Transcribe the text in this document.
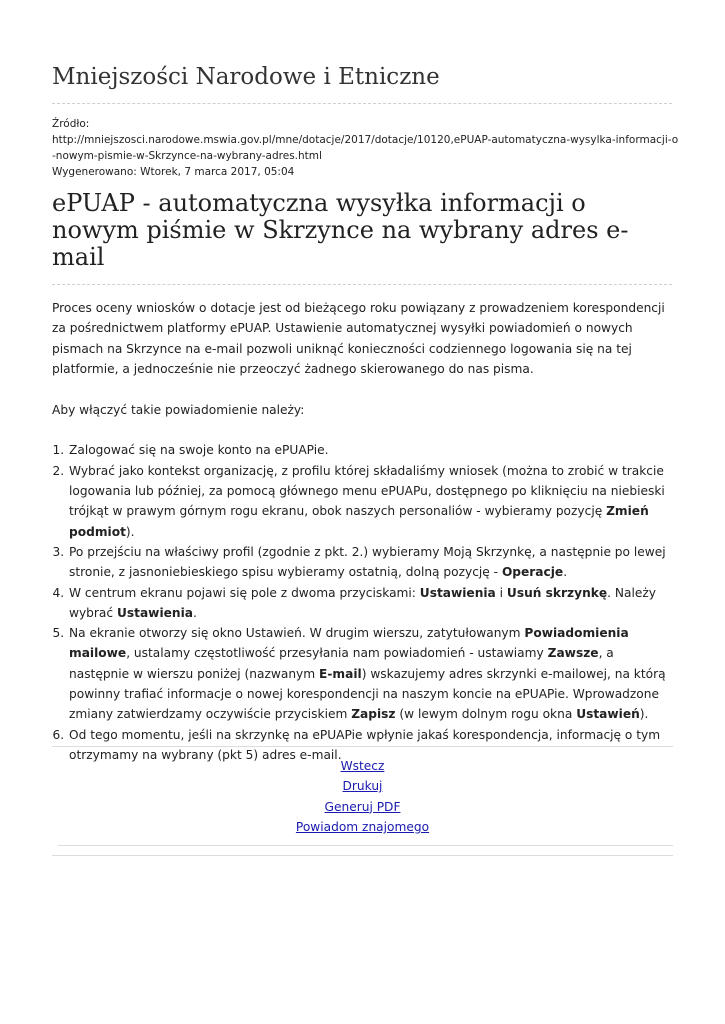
Mniejszości Narodowe i Etniczne
Źródło:
http://mniejszosci.narodowe.mswia.gov.pl/mne/dotacje/2017/dotacje/10120,ePUAP-automatyczna-wysylka-informacji-o
-nowym-pismie-w-Skrzynce-na-wybrany-adres.html
Wygenerowano: Wtorek, 7 marca 2017, 05:04
ePUAP - automatyczna wysyłka informacji o nowym piśmie w Skrzynce na wybrany adres e-mail

Proces oceny wniosków o dotacje jest od bieżącego roku powiązany z prowadzeniem korespondencji za pośrednictwem platformy ePUAP. Ustawienie automatycznej wysyłki powiadomień o nowych pismach na Skrzynce na e-mail pozwoli uniknąć konieczności codziennego logowania się na tej platformie, a jednocześnie nie przeoczyć żadnego skierowanego do nas pisma.

Aby włączyć takie powiadomienie należy:

1. Zalogować się na swoje konto na ePUAPie.
2. Wybrać jako kontekst organizację, z profilu której składaliśmy wniosek (można to zrobić w trakcie logowania lub później, za pomocą głównego menu ePUAPu, dostępnego po kliknięciu na niebieski trójkąt w prawym górnym rogu ekranu, obok naszych personaliów - wybieramy pozycję Zmień podmiot).
3. Po przejściu na właściwy profil (zgodnie z pkt. 2.) wybieramy Moją Skrzynkę, a następnie po lewej stronie, z jasnoniebieskiego spisu wybieramy ostatnią, dolną pozycję - Operacje.
4. W centrum ekranu pojawi się pole z dwoma przyciskami: Ustawienia i Usuń skrzynkę. Należy wybrać Ustawienia.
5. Na ekranie otworzy się okno Ustawień. W drugim wierszu, zatytułowanym Powiadomienia mailowe, ustalamy częstotliwość przesyłania nam powiadomień - ustawiamy Zawsze, a następnie w wierszu poniżej (nazwanym E-mail) wskazujemy adres skrzynki e-mailowej, na którą powinny trafiać informacje o nowej korespondencji na naszym koncie na ePUAPie. Wprowadzone zmiany zatwierdzamy oczywiście przyciskiem Zapisz (w lewym dolnym rogu okna Ustawień).
6. Od tego momentu, jeśli na skrzynkę na ePUAPie wpłynie jakaś korespondencja, informację o tym otrzymamy na wybrany (pkt 5) adres e-mail.
Wstecz
Drukuj
Generuj PDF
Powiadom znajomego
